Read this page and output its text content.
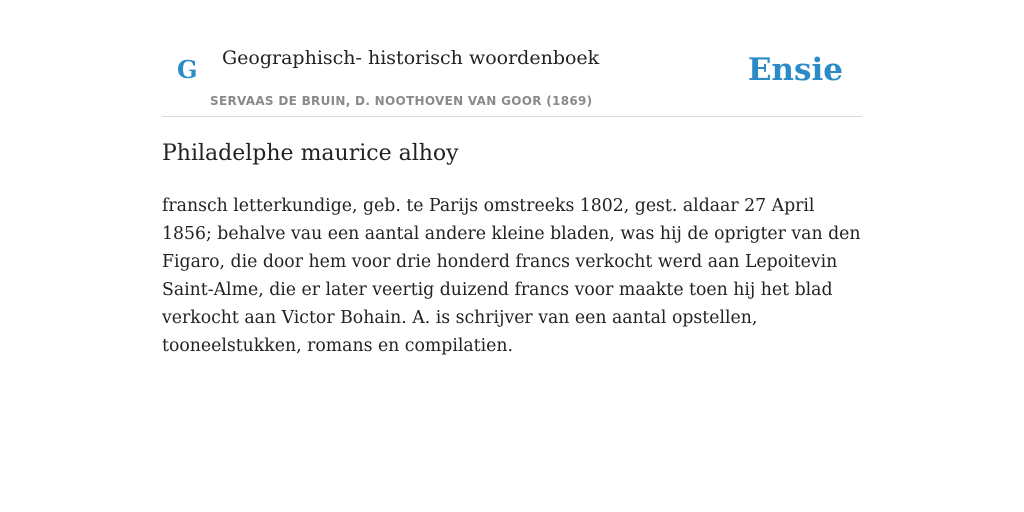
G Geographisch- historisch woordenboek
SERVAAS DE BRUIN, D. NOOTHOVEN VAN GOOR (1869)
Ensie
Philadelphe maurice alhoy

fransch letterkundige, geb. te Parijs omstreeks 1802, gest. aldaar 27 April 1856; behalve vau een aantal andere kleine bladen, was hij de oprigter van den Figaro, die door hem voor drie honderd francs verkocht werd aan Lepoitevin Saint-Alme, die er later veertig duizend francs voor maakte toen hij het blad verkocht aan Victor Bohain. A. is schrijver van een aantal opstellen, tooneelstukken, romans en compilatien.
